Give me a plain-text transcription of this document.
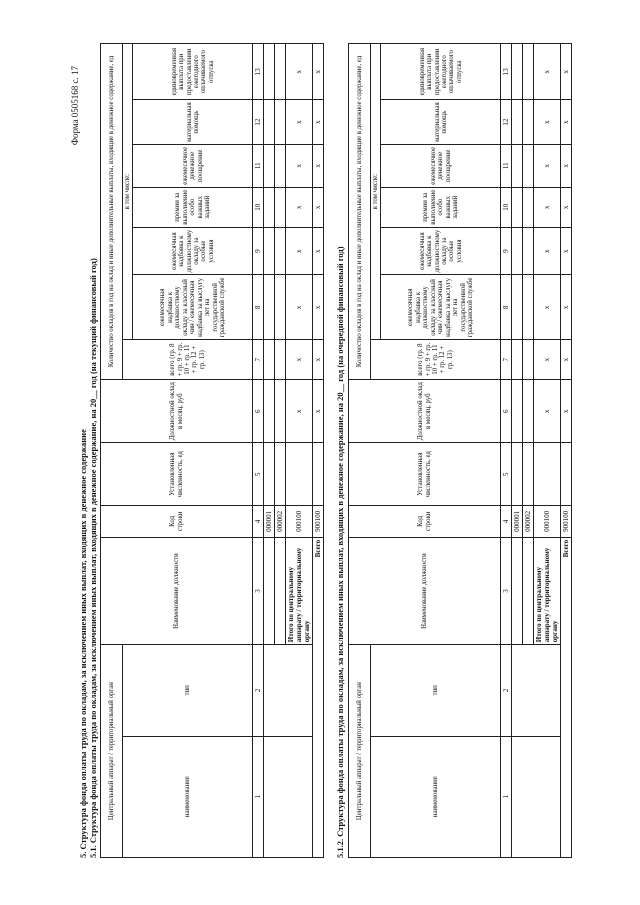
Форма 0505168 с. 17
5. Структура фонда оплаты труда по окладам, за исключением иных выплат, входящих в денежное содержание 5.1. Структура фонда оплаты труда по окладам, за исключением иных выплат, входящих в денежное содержание, на 20__ год (на текущий финансовый год) Центральный аппарат / территориальный орган		Наименование должности	Код строки	Установленная численность, ед	Должностной оклад в месяц, руб	Количество окладов в год на оклад и иные дополнительные выплаты, входящие в денежное содержание, ед						
наименование	тип					всего (гр. 8 + гр. 9 + гр. 10 + гр. 11 + гр. 12 + гр. 13)	в том числе:					
							ежемесячная надбавка к должностному окладу за классный чин / ежемесячная надбавка за выслугу лет на государственной гражданской службе	ежемесячная надбавка к должностному окладу за особые условия	премии за выполнение особо важных заданий	ежемесячное денежное поощрение	материальная помощь	единовременная выплата при предоставлении ежегодного оплачиваемого отпуска
1	2	3	4	5	6	7	8	9	10	11	12	13
			000001									
			000002									
		Итого по центральному аппарату / территориальному органу	000100		x	x	x	x	x	x	x	x
Всего			900100		x	x	x	x	x	x	x	x
5.1.2. Структура фонда оплаты труда по окладам, за исключением иных выплат, входящих в денежное содержание, на 20__ год (на очередной финансовый год) Центральный аппарат / территориальный орган		Наименование должности	Код строки	Установленная численность, ед	Должностной оклад в месяц, руб	Количество окладов в год на оклад и иные дополнительные выплаты, входящие в денежное содержание, ед						
наименование	тип					всего (гр. 8 + гр. 9 + гр. 10 + гр. 11 + гр. 12 + гр. 13)	в том числе:					
							ежемесячная надбавка к должностному окладу за классный чин / ежемесячная надбавка за выслугу лет на государственной гражданской службе	ежемесячная надбавка к должностному окладу за особые условия	премии за выполнение особо важных заданий	ежемесячное денежное поощрение	материальная помощь	единовременная выплата при предоставлении ежегодного оплачиваемого отпуска
1	2	3	4	5	6	7	8	9	10	11	12	13
			000001									
			000002									
		Итого по центральному аппарату / территориальному органу	000100		x	x	x	x	x	x	x	x
Всего			900100		x	x	x	x	x	x	x	x
